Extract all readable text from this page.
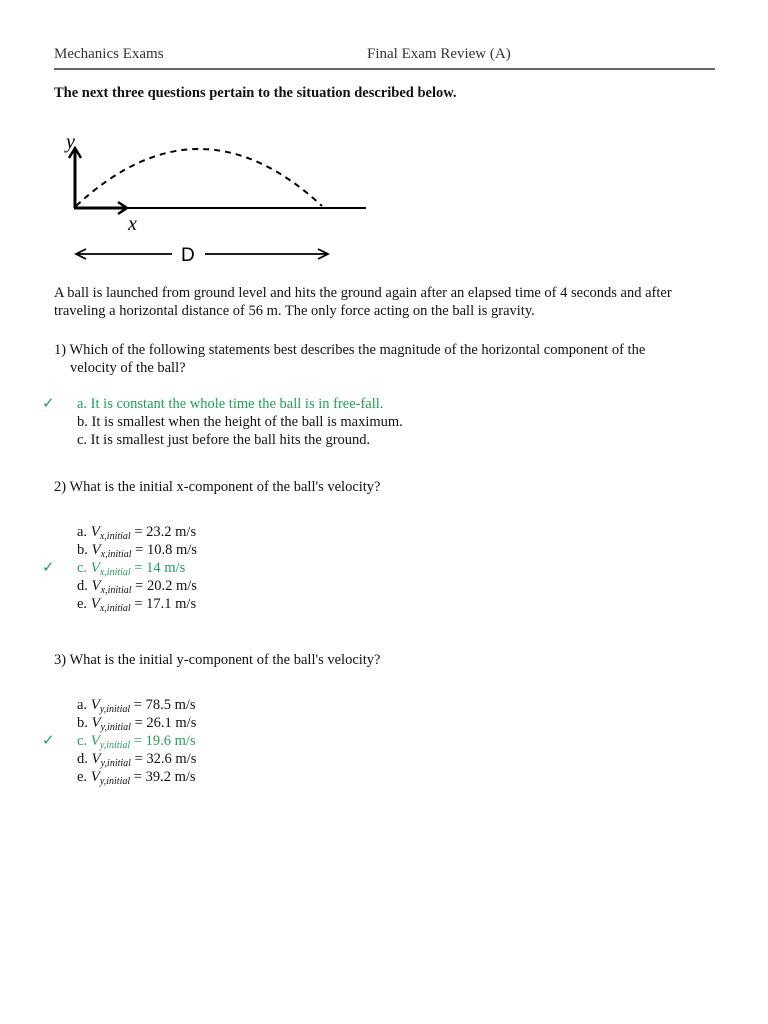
Mechanics Exams	Final Exam Review (A)
The next three questions pertain to the situation described below.
y
x
D
A ball is launched from ground level and hits the ground again after an elapsed time of 4 seconds and after traveling a horizontal distance of 56 m. The only force acting on the ball is gravity.
1) Which of the following statements best describes the magnitude of the horizontal component of the
velocity of the ball?
✓ a. It is constant the whole time the ball is in free-fall.
b. It is smallest when the height of the ball is maximum.
c. It is smallest just before the ball hits the ground.
2) What is the initial x-component of the ball's velocity?
a. $V_{x,initial} = 23.2$ m/s
b. $V_{x,initial} = 10.8$ m/s
✓ c. $V_{x,initial} = 14$ m/s
d. $V_{x,initial} = 20.2$ m/s
e. $V_{x,initial} = 17.1$ m/s
3) What is the initial y-component of the ball's velocity?
a. $V_{y,initial} = 78.5$ m/s
b. $V_{y,initial} = 26.1$ m/s
✓ c. $V_{y,initial} = 19.6$ m/s
d. $V_{y,initial} = 32.6$ m/s
e. $V_{y,initial} = 39.2$ m/s
